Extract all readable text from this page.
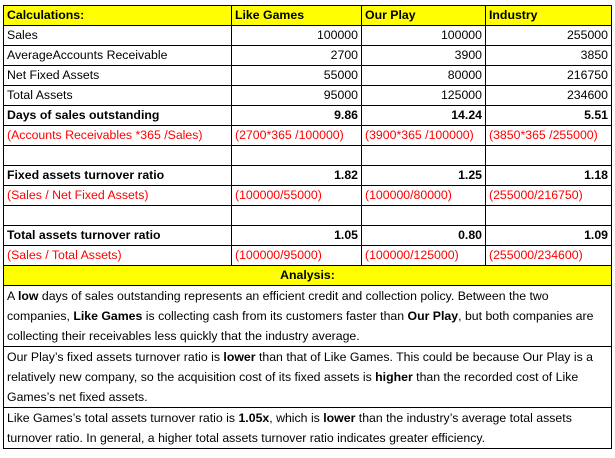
Calculations:	Like Games	Our Play	Industry
Sales	100000	100000	255000
AverageAccounts Receivable	2700	3900	3850
Net Fixed Assets	55000	80000	216750
Total Assets	95000	125000	234600
Days of sales outstanding	9.86	14.24	5.51
(Accounts Receivables *365 /Sales)	(2700*365 /100000)	(3900*365 /100000)	(3850*365 /255000)

Fixed assets turnover ratio	1.82	1.25	1.18
(Sales / Net Fixed Assets)	(100000/55000)	(100000/80000)	(255000/216750)

Total assets turnover ratio	1.05	0.80	1.09
(Sales / Total Assets)	(100000/95000)	(100000/125000)	(255000/234600)
Analysis:			
A low days of sales outstanding represents an efficient credit and collection policy. Between the two companies, Like Games is collecting cash from its customers faster than Our Play, but both companies are collecting their receivables less quickly that the industry average.			
Our Play’s fixed assets turnover ratio is lower than that of Like Games. This could be because Our Play is a relatively new company, so the acquisition cost of its fixed assets is higher than the recorded cost of Like Games’s net fixed assets.			
Like Games’s total assets turnover ratio is 1.05x, which is lower than the industry’s average total assets turnover ratio. In general, a higher total assets turnover ratio indicates greater efficiency.			
